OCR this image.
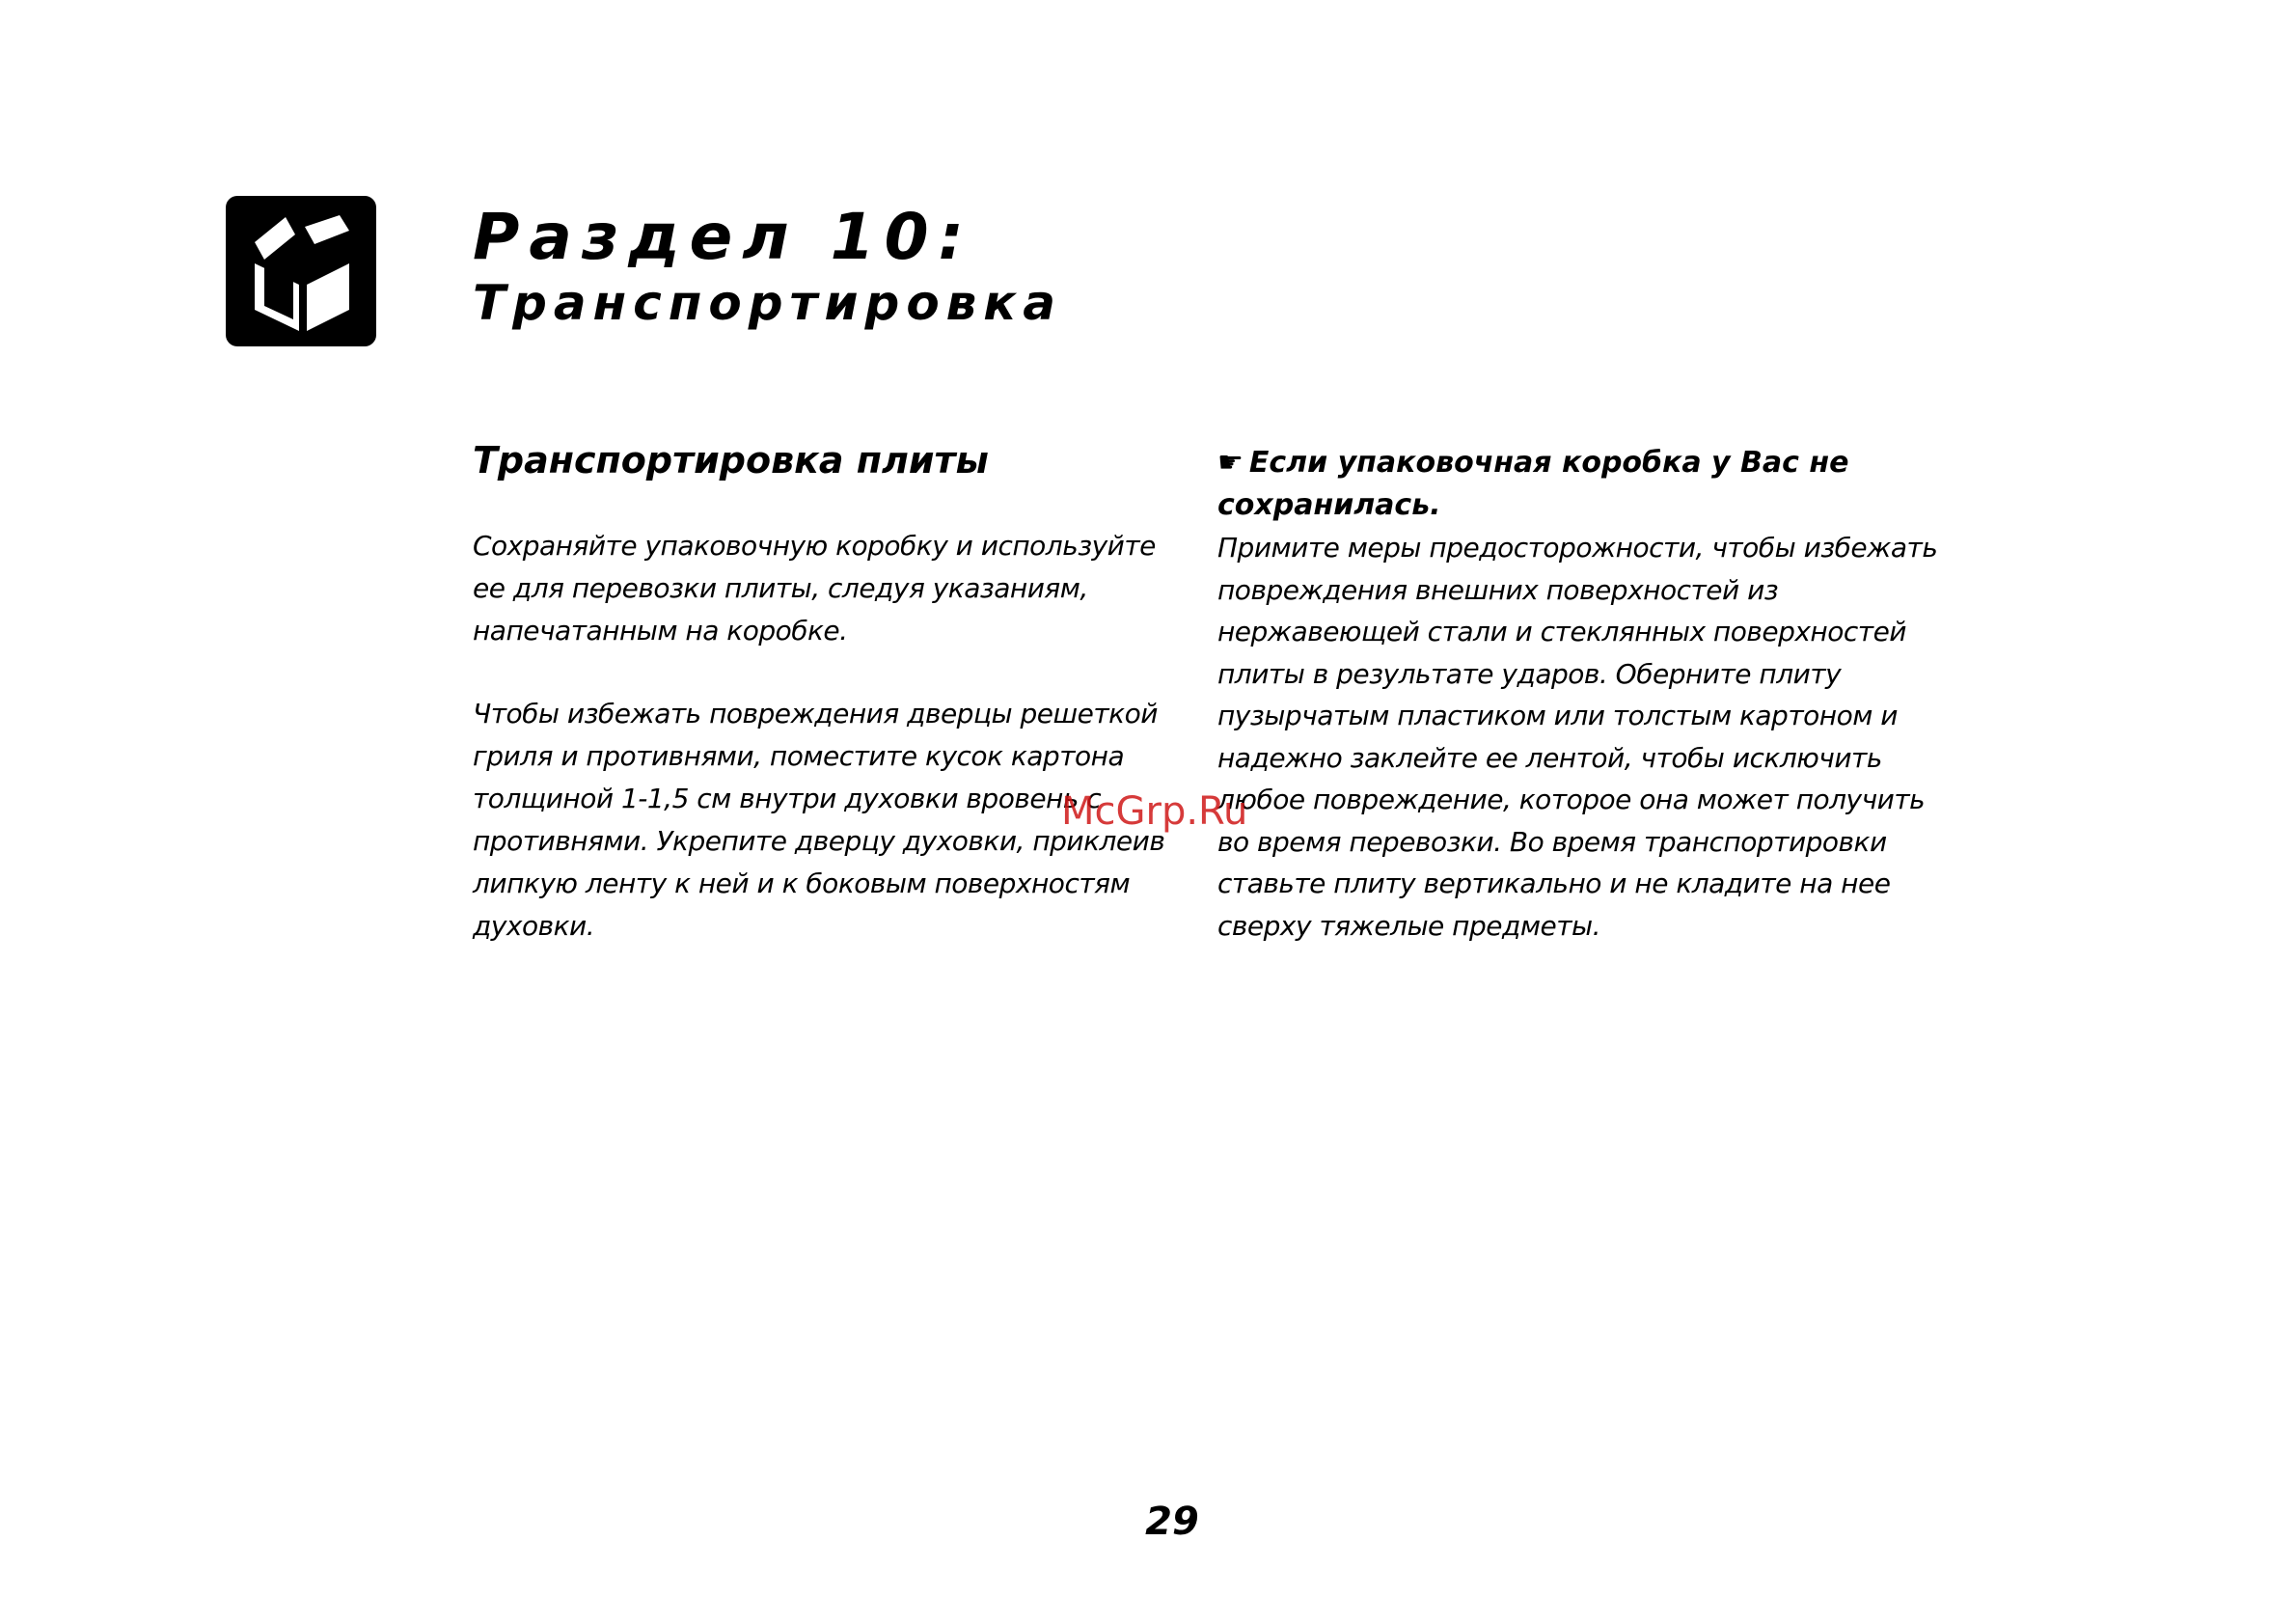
Раздел 10:

Транспортировка

Транспортировка плиты

Сохраняйте упаковочную коробку и используйте ее для перевозки плиты, следуя указаниям, напечатанным на коробке.

Чтобы избежать повреждения дверцы решеткой гриля и противнями, поместите кусок картона толщиной 1-1,5 см внутри духовки вровень с противнями. Укрепите дверцу духовки, приклеив липкую ленту к ней и к боковым поверхностям духовки.

☛ Если упаковочная коробка у Вас не сохранилась.

Примите меры предосторожности, чтобы избежать повреждения внешних поверхностей из нержавеющей стали и стеклянных поверхностей плиты в результате ударов. Оберните плиту пузырчатым пластиком или толстым картоном и надежно заклейте ее лентой, чтобы исключить любое повреждение, которое она может получить во время перевозки. Во время транспортировки ставьте плиту вертикально и не кладите на нее сверху тяжелые предметы.

McGrp.Ru
29
